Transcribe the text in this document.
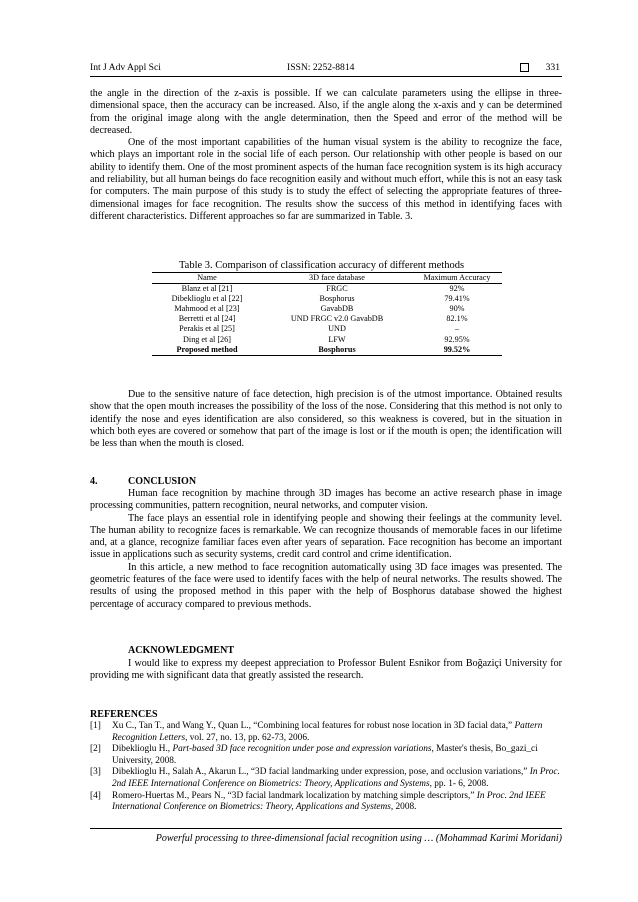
Int J Adv Appl Sci	ISSN: 2252-8814	331

the angle in the direction of the z-axis is possible. If we can calculate parameters using the ellipse in three-dimensional space, then the accuracy can be increased. Also, if the angle along the x-axis and y can be determined from the original image along with the angle determination, then the Speed and error of the method will be decreased.

One of the most important capabilities of the human visual system is the ability to recognize the face, which plays an important role in the social life of each person. Our relationship with other people is based on our ability to identify them. One of the most prominent aspects of the human face recognition system is its high accuracy and reliability, but all human beings do face recognition easily and without much effort, while this is not an easy task for computers. The main purpose of this study is to study the effect of selecting the appropriate features of three-dimensional images for face recognition. The results show the success of this method in identifying faces with different characteristics. Different approaches so far are summarized in Table. 3.

Table 3. Comparison of classification accuracy of different methods
Name	3D face database	Maximum Accuracy
Blanz et al [21]	FRGC	92%
Dibeklioglu et al [22]	Bosphorus	79.41%
Mahmood et al [23]	GavabDB	90%
Berretti et al [24]	UND FRGC v2.0 GavabDB	82.1%
Perakis et al [25]	UND	–
Ding et al [26]	LFW	92.95%
Proposed method	Bosphorus	99.52%

Due to the sensitive nature of face detection, high precision is of the utmost importance. Obtained results show that the open mouth increases the possibility of the loss of the nose. Considering that this method is not only to identify the nose and eyes identification are also considered, so this weakness is covered, but in the situation in which both eyes are covered or somehow that part of the image is lost or if the mouth is open; the identification will be less than when the mouth is closed.

4.	CONCLUSION

Human face recognition by machine through 3D images has become an active research phase in image processing communities, pattern recognition, neural networks, and computer vision.

The face plays an essential role in identifying people and showing their feelings at the community level. The human ability to recognize faces is remarkable. We can recognize thousands of memorable faces in our lifetime and, at a glance, recognize familiar faces even after years of separation. Face recognition has become an important issue in applications such as security systems, credit card control and crime identification.

In this article, a new method to face recognition automatically using 3D face images was presented. The geometric features of the face were used to identify faces with the help of neural networks. The results showed. The results of using the proposed method in this paper with the help of Bosphorus database showed the highest percentage of accuracy compared to previous methods.

ACKNOWLEDGMENT

I would like to express my deepest appreciation to Professor Bulent Esnikor from Boğaziçi University for providing me with significant data that greatly assisted the research.

REFERENCES

[1] Xu C., Tan T., and Wang Y., Quan L., “Combining local features for robust nose location in 3D facial data,” Pattern Recognition Letters, vol. 27, no. 13, pp. 62-73, 2006.

[2] Dibeklioglu H., Part-based 3D face recognition under pose and expression variations, Master's thesis, Bo_gazi_ci University, 2008.

[3] Dibeklioglu H., Salah A., Akarun L., “3D facial landmarking under expression, pose, and occlusion variations,” In Proc. 2nd IEEE International Conference on Biometrics: Theory, Applications and Systems, pp. 1- 6, 2008.

[4] Romero-Huertas M., Pears N., “3D facial landmark localization by matching simple descriptors,” In Proc. 2nd IEEE International Conference on Biometrics: Theory, Applications and Systems, 2008.

Powerful processing to three-dimensional facial recognition using … (Mohammad Karimi Moridani)
